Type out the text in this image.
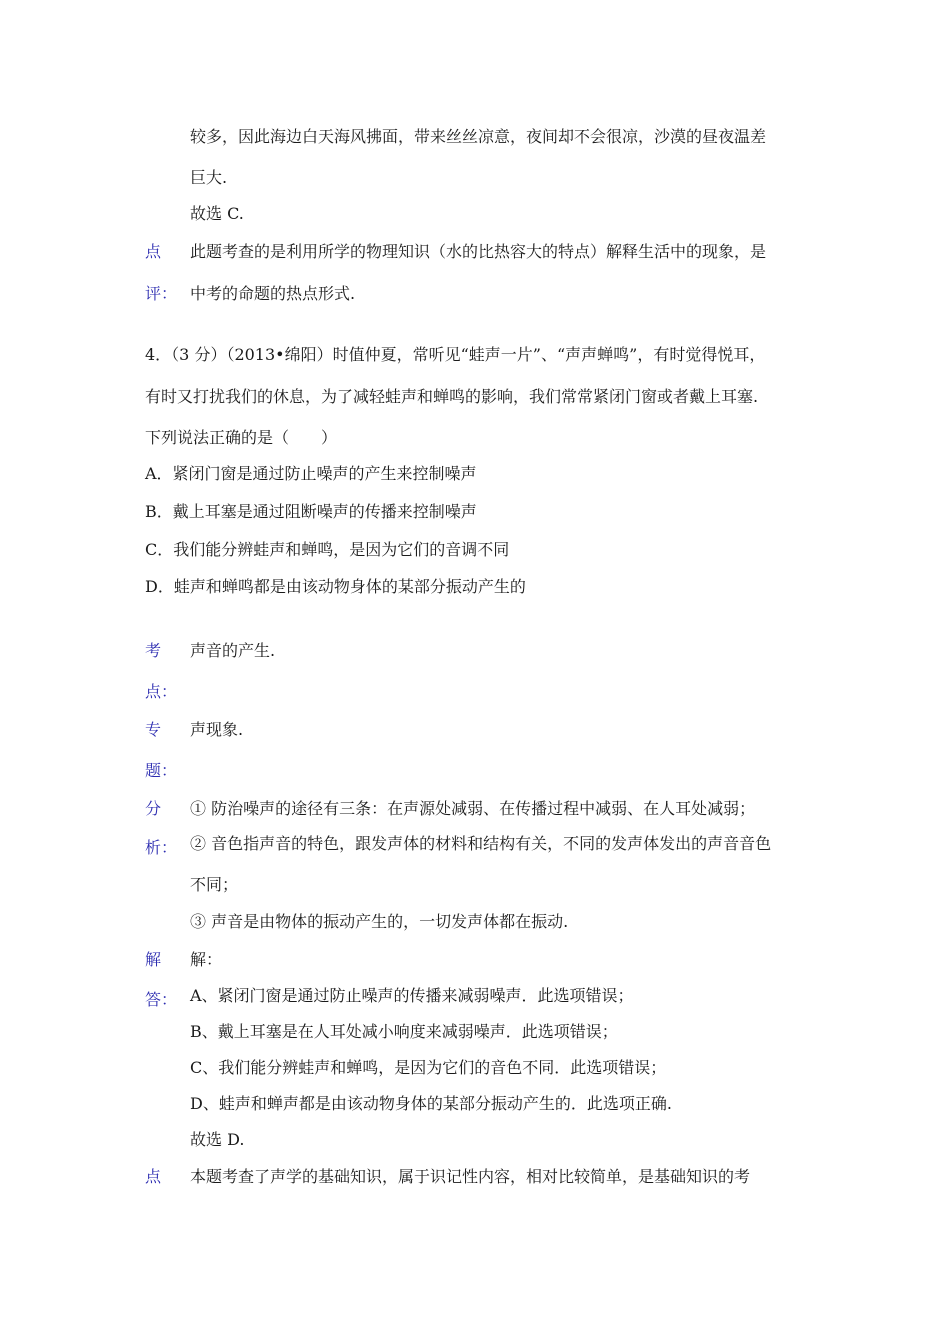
较多，因此海边白天海风拂面，带来丝丝凉意，夜间却不会很凉，沙漠的昼夜温差
巨大.
故选 C.
点 此题考查的是利用所学的物理知识（水的比热容大的特点）解释生活中的现象，是
评： 中考的命题的热点形式.
4．（3 分）（2013•绵阳）时值仲夏，常听见“蛙声一片”、“声声蝉鸣”，有时觉得悦耳，
有时又打扰我们的休息，为了减轻蛙声和蝉鸣的影响，我们常常紧闭门窗或者戴上耳塞.
下列说法正确的是（　　）
A．紧闭门窗是通过防止噪声的产生来控制噪声
B．戴上耳塞是通过阻断噪声的传播来控制噪声
C．我们能分辨蛙声和蝉鸣，是因为它们的音调不同
D．蛙声和蝉鸣都是由该动物身体的某部分振动产生的
考 声音的产生.
点：
专 声现象.
题：
分 ① 防治噪声的途径有三条：在声源处减弱、在传播过程中减弱、在人耳处减弱；
析： ② 音色指声音的特色，跟发声体的材料和结构有关，不同的发声体发出的声音音色
不同；
③ 声音是由物体的振动产生的，一切发声体都在振动.
解 解：
答： A、紧闭门窗是通过防止噪声的传播来减弱噪声．此选项错误；
B、戴上耳塞是在人耳处减小响度来减弱噪声．此选项错误；
C、我们能分辨蛙声和蝉鸣，是因为它们的音色不同．此选项错误；
D、蛙声和蝉声都是由该动物身体的某部分振动产生的．此选项正确.
故选 D.
点 本题考查了声学的基础知识，属于识记性内容，相对比较简单，是基础知识的考
